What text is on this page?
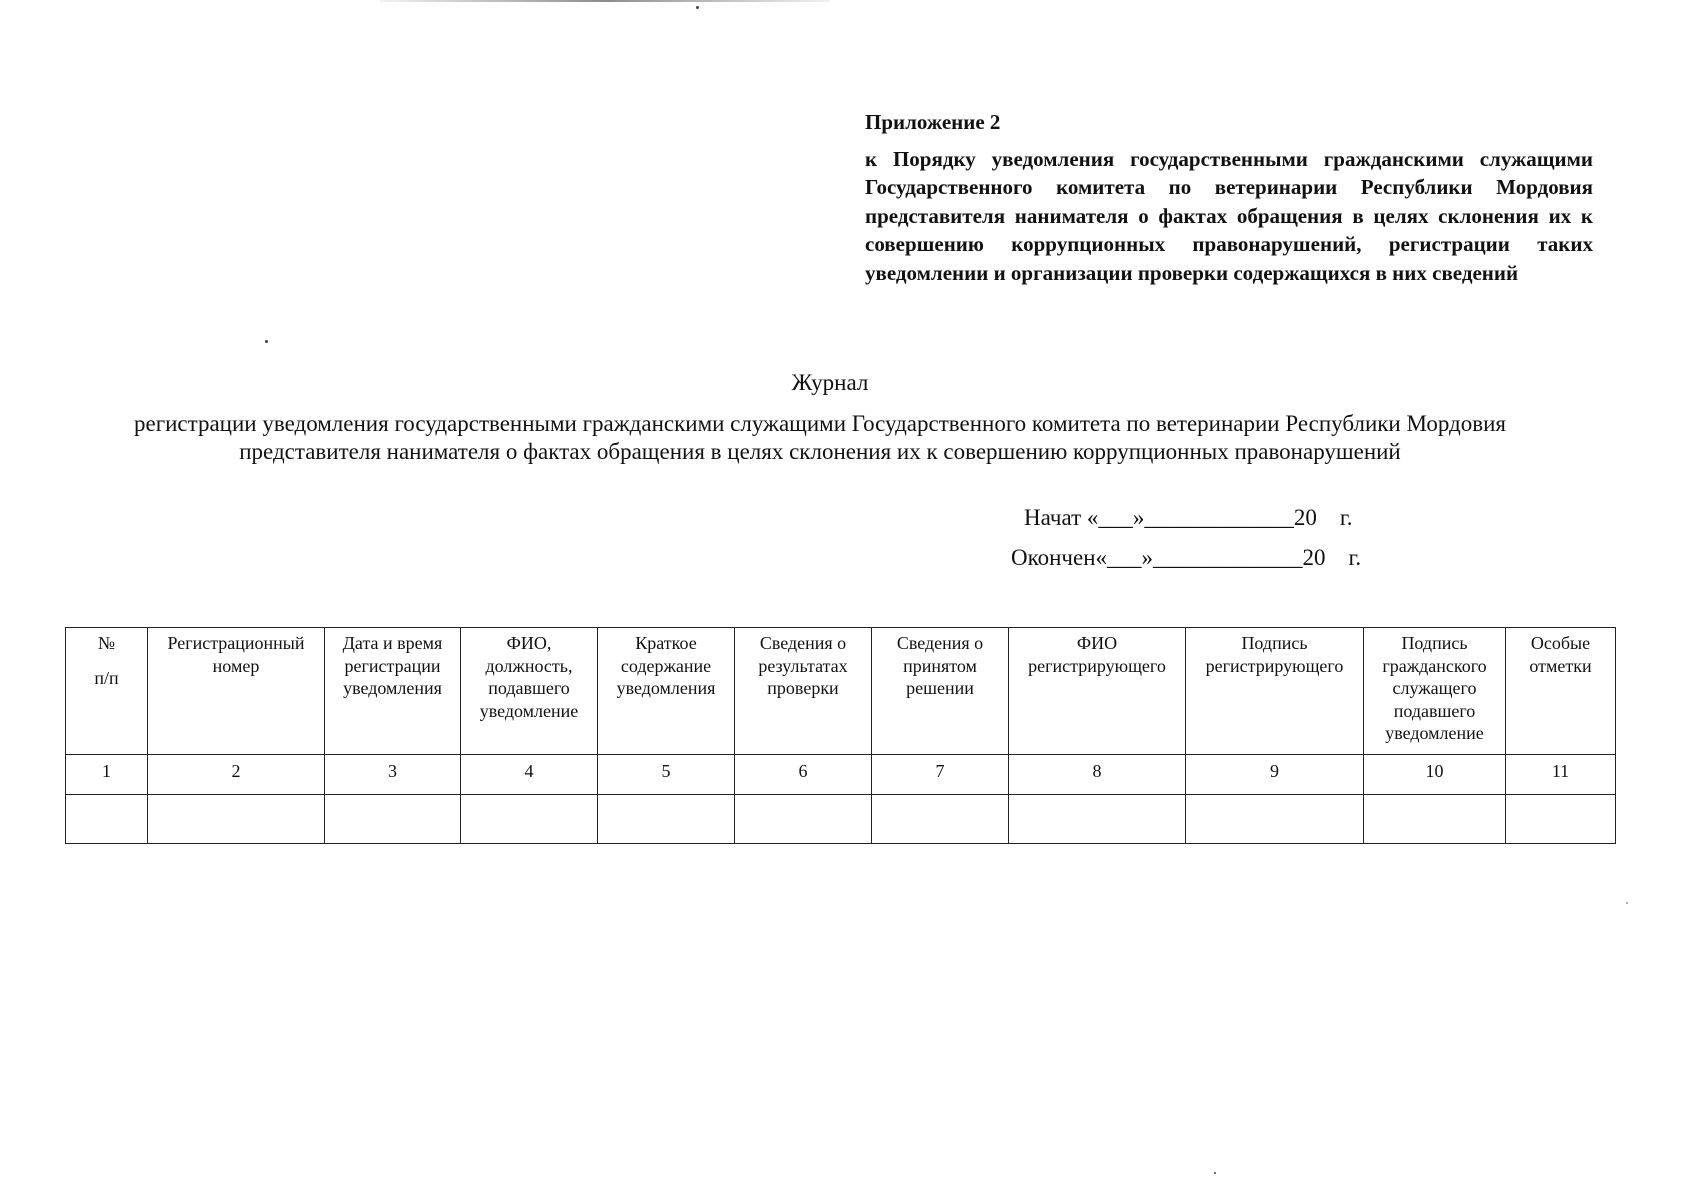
Приложение 2

к Порядку уведомления государственными гражданскими служащими Государственного комитета по ветеринарии Республики Мордовия представителя нанимателя о фактах обращения в целях склонения их к совершению коррупционных правонарушений, регистрации таких уведомлении и организации проверки содержащихся в них сведений

Журнал
регистрации уведомления государственными гражданскими служащими Государственного комитета по ветеринарии Республики Мордовия представителя нанимателя о фактах обращения в целях склонения их к совершению коррупционных правонарушений
Начат «___»_____________20    г.
Окончен«___»_____________20    г.
№
п/п	Регистрационный номер	Дата и время регистрации уведомления	ФИО, должность, подавшего уведомление	Краткое содержание уведомления	Сведения о результатах проверки	Сведения о принятом решении	ФИО регистрирующего	Подпись регистрирующего	Подпись гражданского служащего подавшего уведомление	Особые отметки
1	2	3	4	5	6	7	8	9	10	11
